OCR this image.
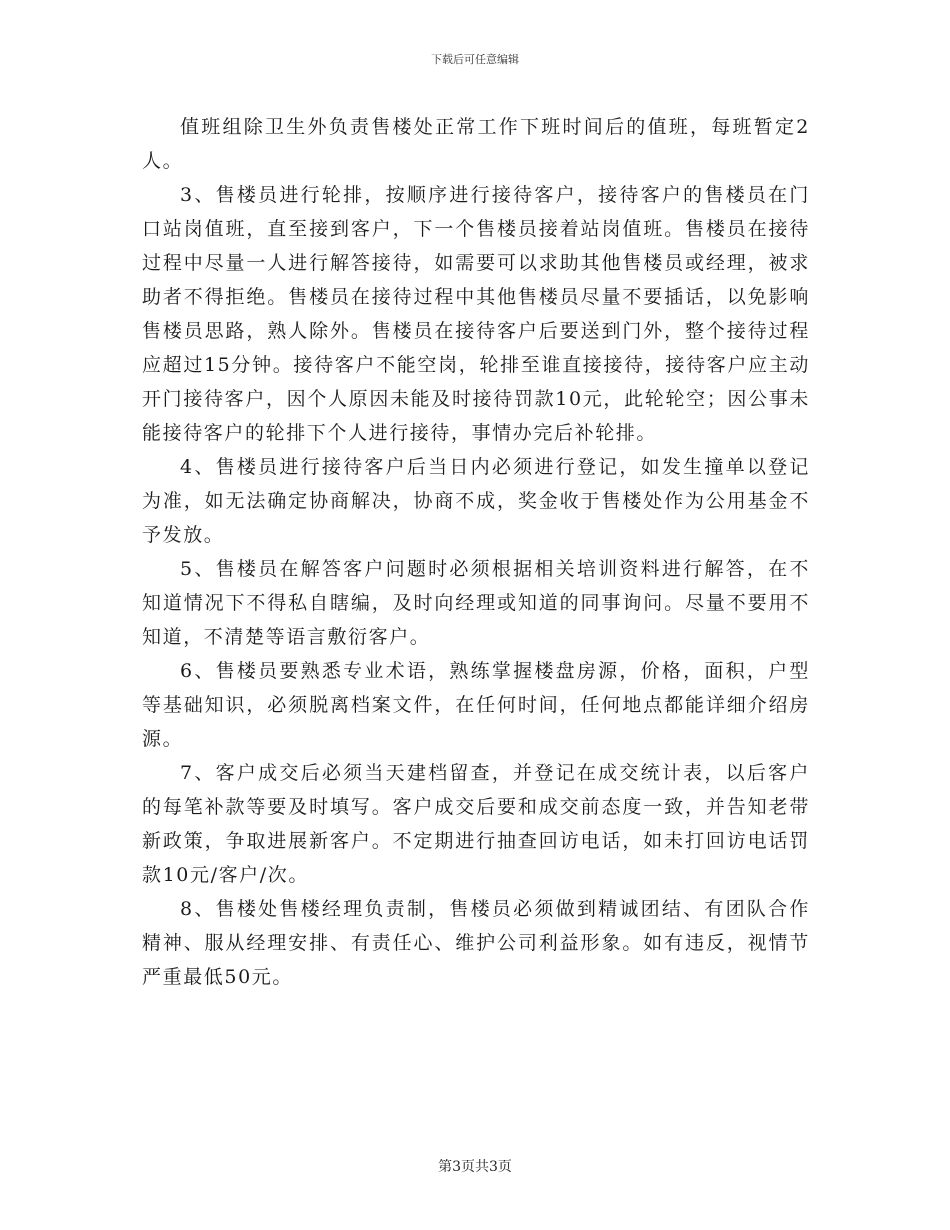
下载后可任意编辑

值班组除卫生外负责售楼处正常工作下班时间后的值班，每班暂定2人。

3、售楼员进行轮排，按顺序进行接待客户，接待客户的售楼员在门口站岗值班，直至接到客户，下一个售楼员接着站岗值班。售楼员在接待过程中尽量一人进行解答接待，如需要可以求助其他售楼员或经理，被求助者不得拒绝。售楼员在接待过程中其他售楼员尽量不要插话，以免影响售楼员思路，熟人除外。售楼员在接待客户后要送到门外，整个接待过程应超过15分钟。接待客户不能空岗，轮排至谁直接接待，接待客户应主动开门接待客户，因个人原因未能及时接待罚款10元，此轮轮空；因公事未能接待客户的轮排下个人进行接待，事情办完后补轮排。

4、售楼员进行接待客户后当日内必须进行登记，如发生撞单以登记为准，如无法确定协商解决，协商不成，奖金收于售楼处作为公用基金不予发放。

5、售楼员在解答客户问题时必须根据相关培训资料进行解答，在不知道情况下不得私自瞎编，及时向经理或知道的同事询问。尽量不要用不知道，不清楚等语言敷衍客户。

6、售楼员要熟悉专业术语，熟练掌握楼盘房源，价格，面积，户型等基础知识，必须脱离档案文件，在任何时间，任何地点都能详细介绍房源。

7、客户成交后必须当天建档留查，并登记在成交统计表，以后客户的每笔补款等要及时填写。客户成交后要和成交前态度一致，并告知老带新政策，争取进展新客户。不定期进行抽查回访电话，如未打回访电话罚款10元/客户/次。

8、售楼处售楼经理负责制，售楼员必须做到精诚团结、有团队合作精神、服从经理安排、有责任心、维护公司利益形象。如有违反，视情节严重最低50元。

第3页共3页
